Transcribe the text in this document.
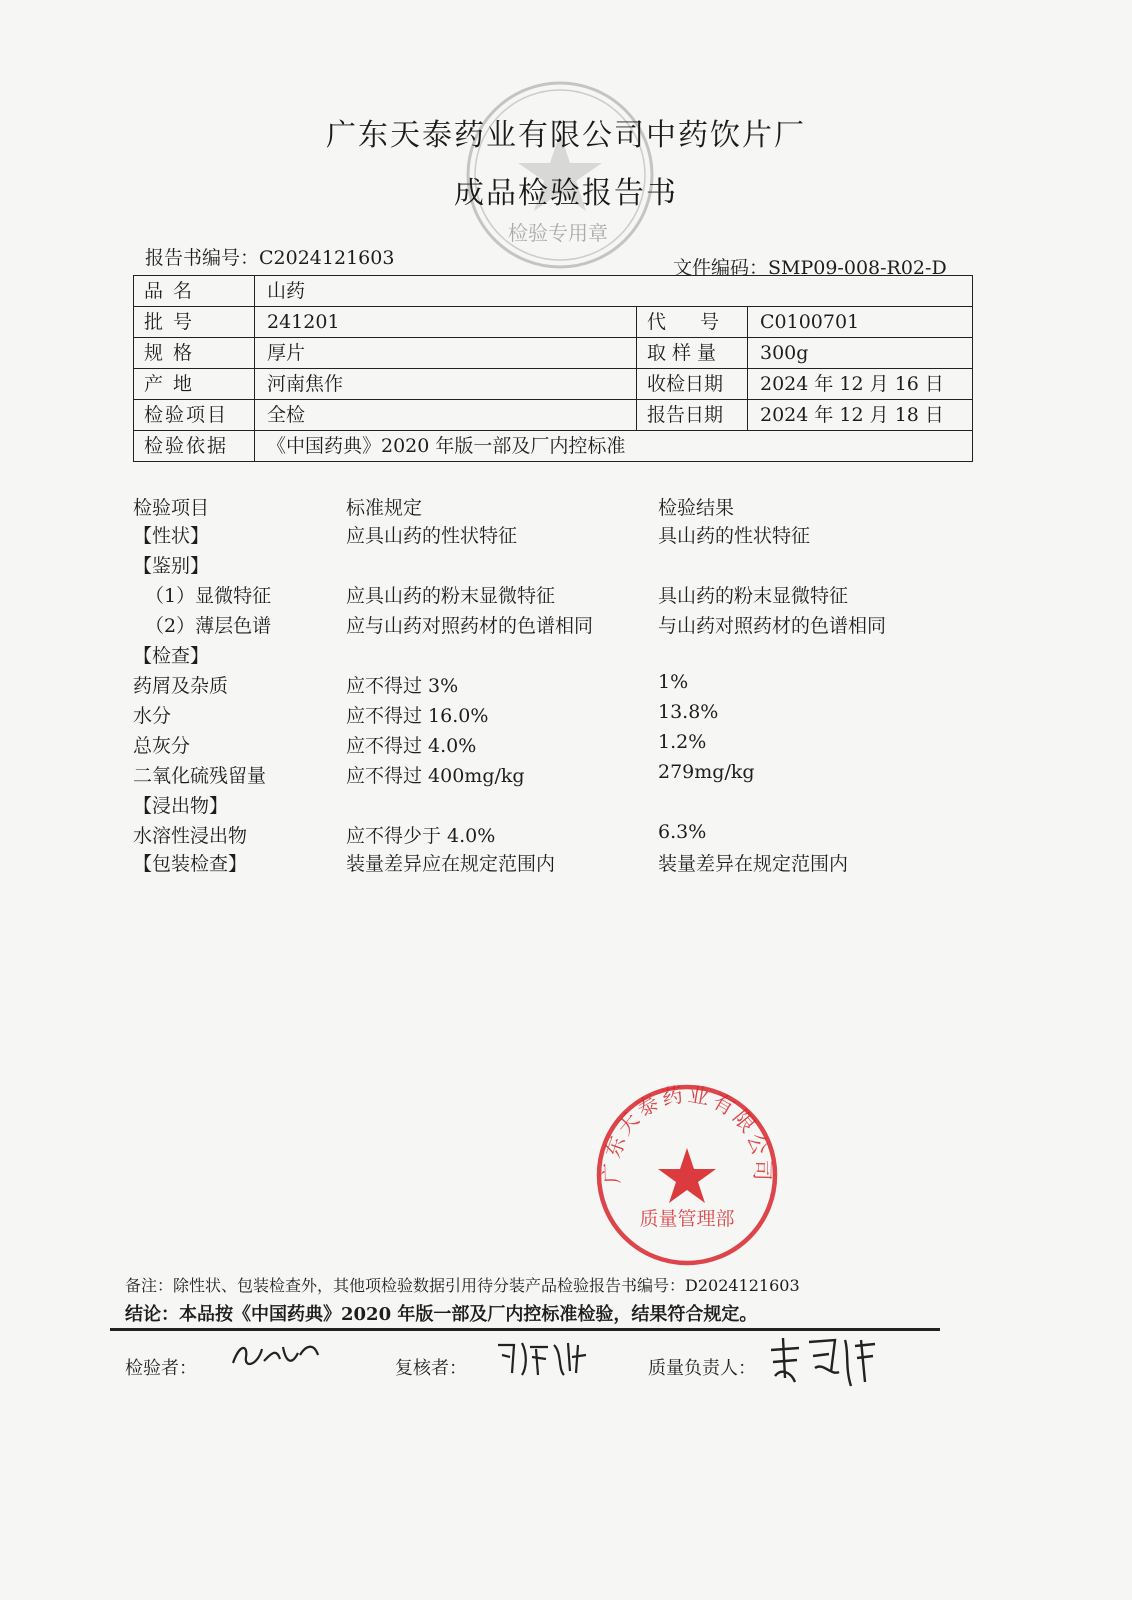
检验专用章
广东天泰药业有限公司中药饮片厂
成品检验报告书
报告书编号：C2024121603	文件编码：SMP09-008-R02-D
品 名	山药
批 号	241201	代 号	C0100701
规 格	厚片	取样量	300g
产 地	河南焦作	收检日期	2024 年 12 月 16 日
检验项目	全检	报告日期	2024 年 12 月 18 日
检验依据	《中国药典》2020 年版一部及厂内控标准
检验项目	标准规定	检验结果
【性状】	应具山药的性状特征	具山药的性状特征
【鉴别】
（1）显微特征	应具山药的粉末显微特征	具山药的粉末显微特征
（2）薄层色谱	应与山药对照药材的色谱相同	与山药对照药材的色谱相同
【检查】
药屑及杂质	应不得过 3%	1%
水分	应不得过 16.0%	13.8%
总灰分	应不得过 4.0%	1.2%
二氧化硫残留量	应不得过 400mg/kg	279mg/kg
【浸出物】
水溶性浸出物	应不得少于 4.0%	6.3%
【包装检查】	装量差异应在规定范围内	装量差异在规定范围内
广东天泰药业有限公司
质量管理部
备注：除性状、包装检查外，其他项检验数据引用待分装产品检验报告书编号：D2024121603
结论：本品按《中国药典》2020 年版一部及厂内控标准检验，结果符合规定。
检验者：	复核者：	质量负责人：
